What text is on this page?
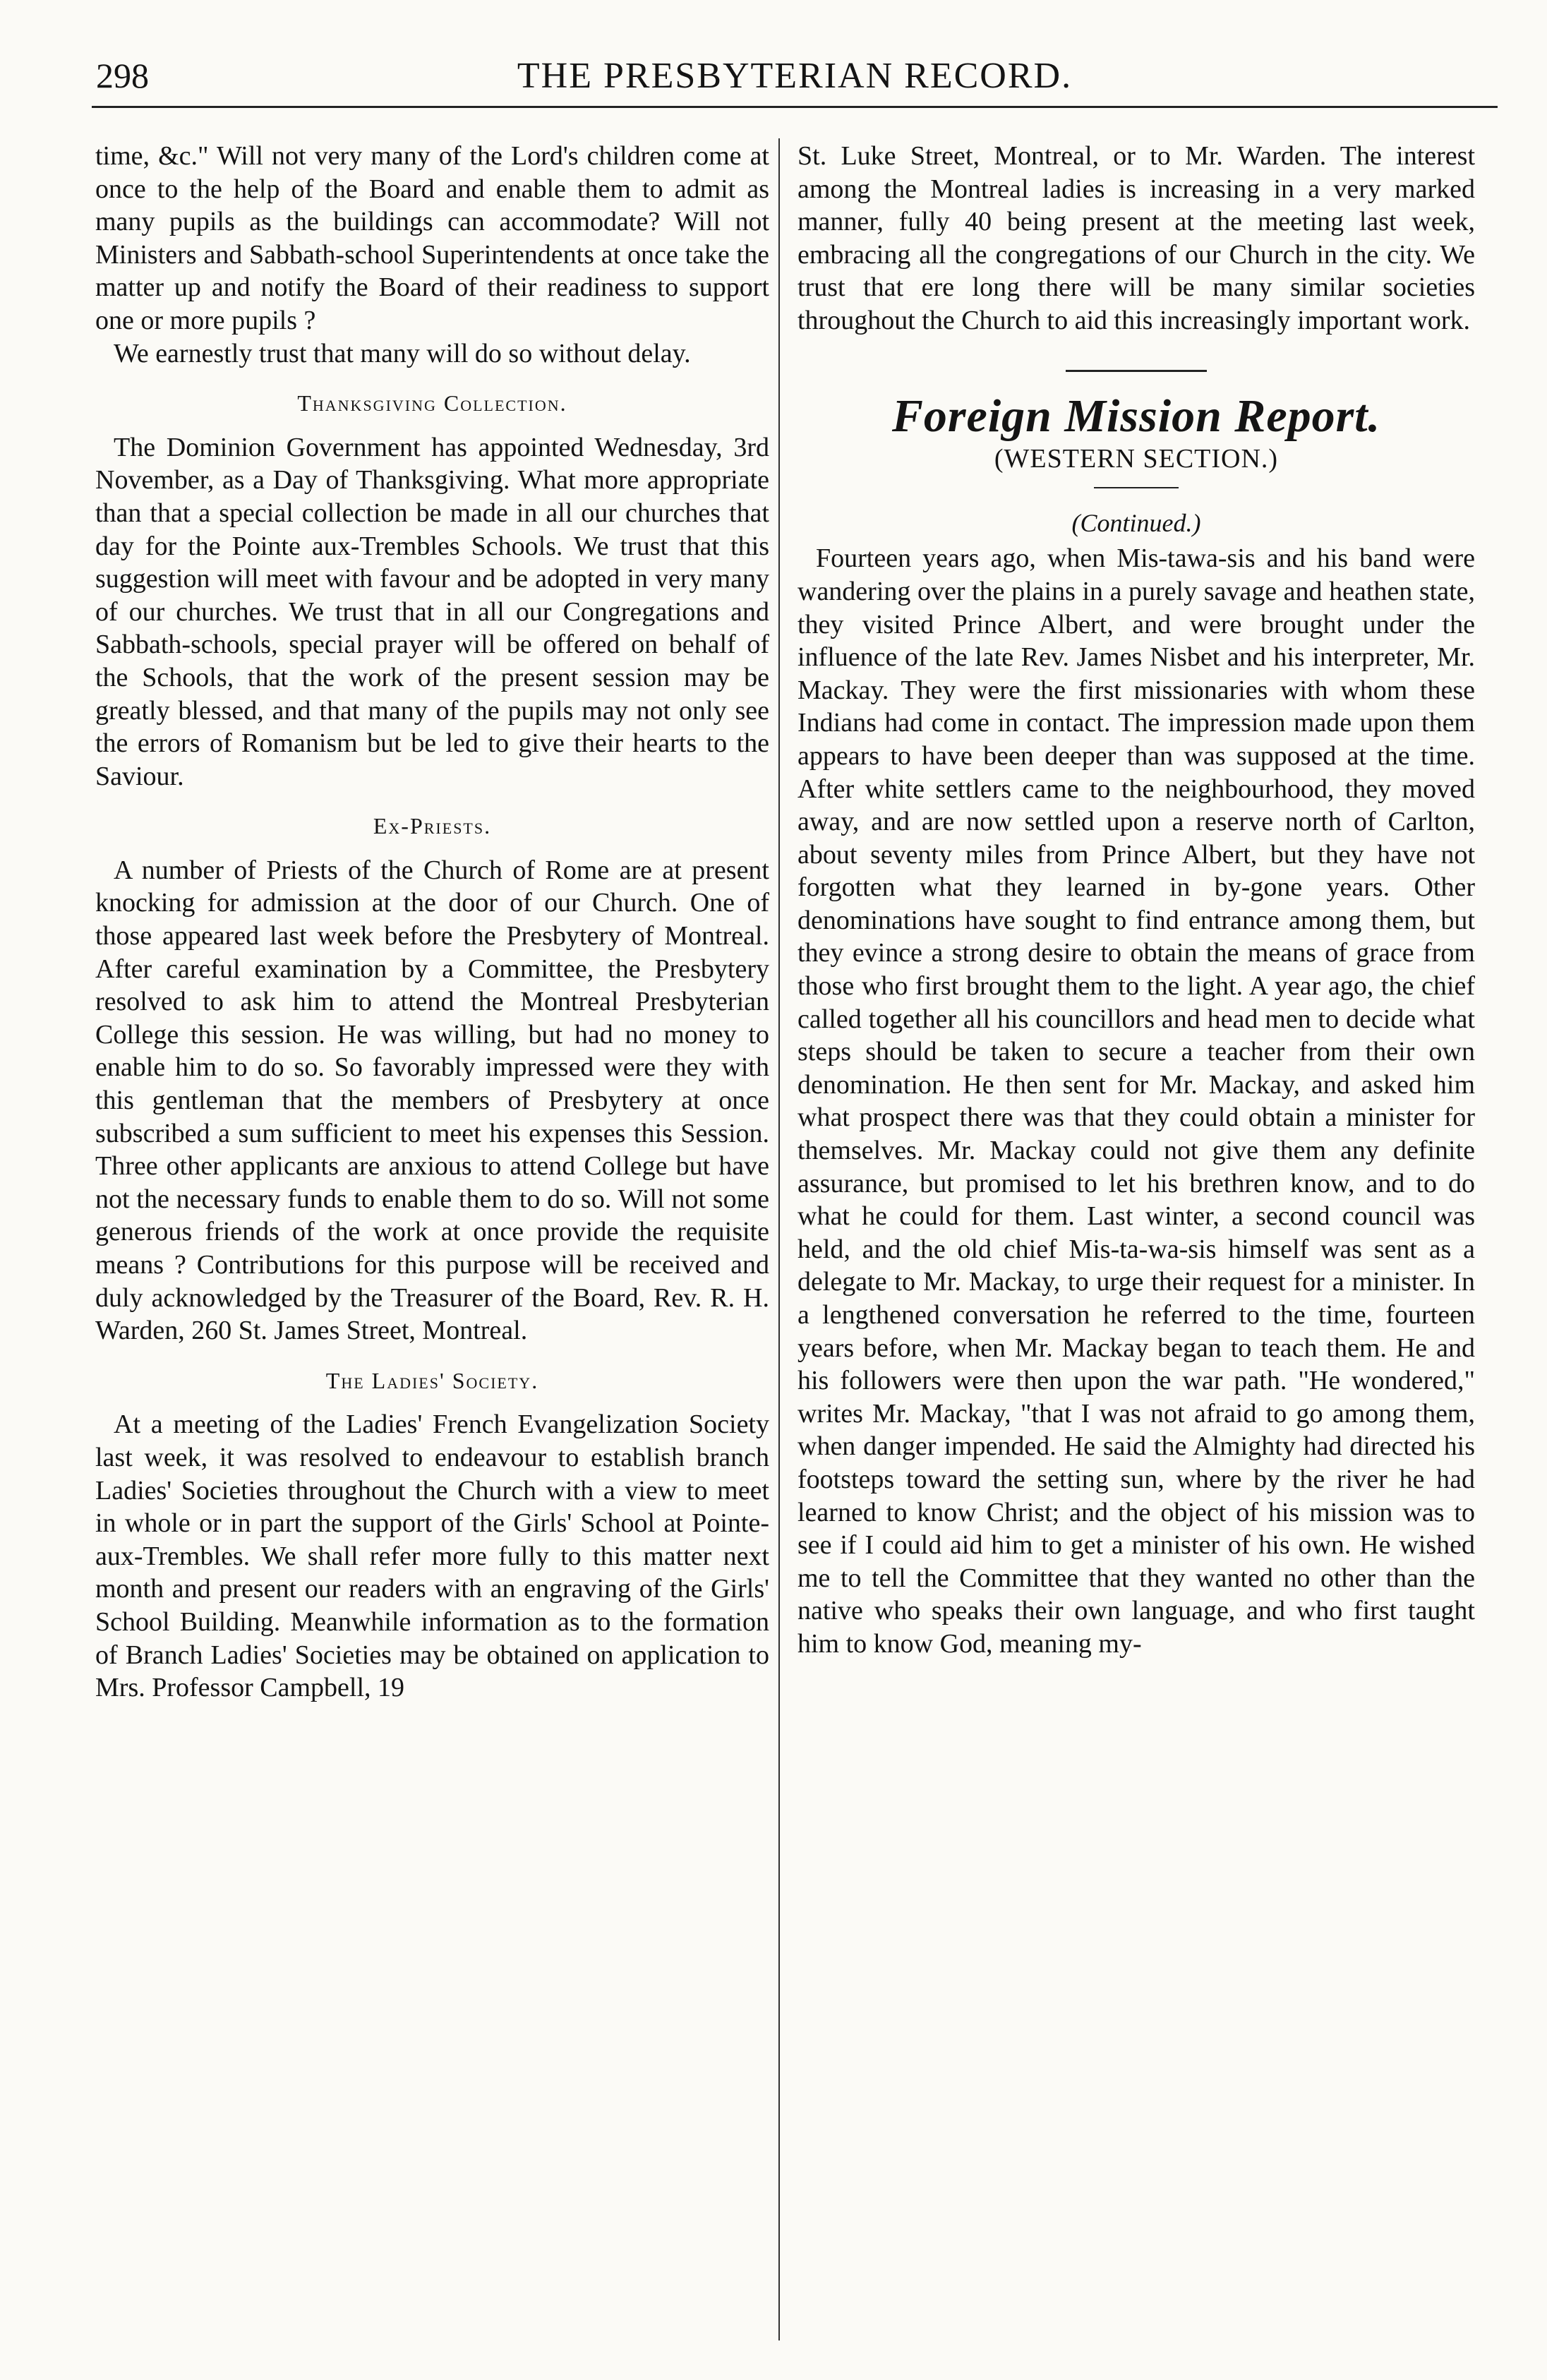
298	THE PRESBYTERIAN RECORD.

time, &c." Will not very many of the Lord's children come at once to the help of the Board and enable them to admit as many pupils as the buildings can accommodate? Will not Ministers and Sabbath-school Superintendents at once take the matter up and notify the Board of their readiness to support one or more pupils ?

We earnestly trust that many will do so without delay.

Thanksgiving Collection.

The Dominion Government has appointed Wednesday, 3rd November, as a Day of Thanksgiving. What more appropriate than that a special collection be made in all our churches that day for the Pointe aux-Trembles Schools. We trust that this suggestion will meet with favour and be adopted in very many of our churches. We trust that in all our Congregations and Sabbath-schools, special prayer will be offered on behalf of the Schools, that the work of the present session may be greatly blessed, and that many of the pupils may not only see the errors of Romanism but be led to give their hearts to the Saviour.

Ex-Priests.

A number of Priests of the Church of Rome are at present knocking for admission at the door of our Church. One of those appeared last week before the Presbytery of Montreal. After careful examination by a Committee, the Presbytery resolved to ask him to attend the Montreal Presbyterian College this session. He was willing, but had no money to enable him to do so. So favorably impressed were they with this gentleman that the members of Presbytery at once subscribed a sum sufficient to meet his expenses this Session. Three other applicants are anxious to attend College but have not the necessary funds to enable them to do so. Will not some generous friends of the work at once provide the requisite means ? Contributions for this purpose will be received and duly acknowledged by the Treasurer of the Board, Rev. R. H. Warden, 260 St. James Street, Montreal.

The Ladies' Society.

At a meeting of the Ladies' French Evangelization Society last week, it was resolved to endeavour to establish branch Ladies' Societies throughout the Church with a view to meet in whole or in part the support of the Girls' School at Pointe-aux-Trembles. We shall refer more fully to this matter next month and present our readers with an engraving of the Girls' School Building. Meanwhile information as to the formation of Branch Ladies' Societies may be obtained on application to Mrs. Professor Campbell, 19

St. Luke Street, Montreal, or to Mr. Warden. The interest among the Montreal ladies is increasing in a very marked manner, fully 40 being present at the meeting last week, embracing all the congregations of our Church in the city. We trust that ere long there will be many similar societies throughout the Church to aid this increasingly important work.

Foreign Mission Report.
(WESTERN SECTION.)
(Continued.)

Fourteen years ago, when Mis-tawa-sis and his band were wandering over the plains in a purely savage and heathen state, they visited Prince Albert, and were brought under the influence of the late Rev. James Nisbet and his interpreter, Mr. Mackay. They were the first missionaries with whom these Indians had come in contact. The impression made upon them appears to have been deeper than was supposed at the time. After white settlers came to the neighbourhood, they moved away, and are now settled upon a reserve north of Carlton, about seventy miles from Prince Albert, but they have not forgotten what they learned in by-gone years. Other denominations have sought to find entrance among them, but they evince a strong desire to obtain the means of grace from those who first brought them to the light. A year ago, the chief called together all his councillors and head men to decide what steps should be taken to secure a teacher from their own denomination. He then sent for Mr. Mackay, and asked him what prospect there was that they could obtain a minister for themselves. Mr. Mackay could not give them any definite assurance, but promised to let his brethren know, and to do what he could for them. Last winter, a second council was held, and the old chief Mis-ta-wa-sis himself was sent as a delegate to Mr. Mackay, to urge their request for a minister. In a lengthened conversation he referred to the time, fourteen years before, when Mr. Mackay began to teach them. He and his followers were then upon the war path. "He wondered," writes Mr. Mackay, "that I was not afraid to go among them, when danger impended. He said the Almighty had directed his footsteps toward the setting sun, where by the river he had learned to know Christ; and the object of his mission was to see if I could aid him to get a minister of his own. He wished me to tell the Committee that they wanted no other than the native who speaks their own language, and who first taught him to know God, meaning my-
